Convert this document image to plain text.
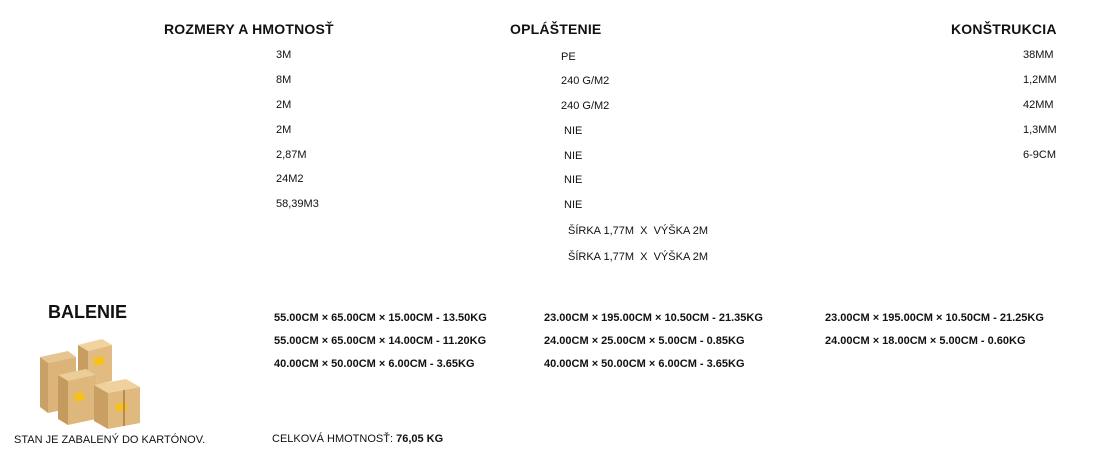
ROZMERY A HMOTNOSŤ	OPLÁŠTENIE	KONŠTRUKCIA
3M
8M
2M
2M
2,87M
24M2
58,39M3
PE
240 G/M2
240 G/M2
NIE
NIE
NIE
NIE
ŠÍRKA 1,77M  X  VÝŠKA 2M
ŠÍRKA 1,77M  X  VÝŠKA 2M
38MM
1,2MM
42MM
1,3MM
6-9CM
BALENIE
STAN JE ZABALENÝ DO KARTÓNOV.
55.00CM × 65.00CM × 15.00CM - 13.50KG
55.00CM × 65.00CM × 14.00CM - 11.20KG
40.00CM × 50.00CM × 6.00CM - 3.65KG
23.00CM × 195.00CM × 10.50CM - 21.35KG
24.00CM × 25.00CM × 5.00CM - 0.85KG
40.00CM × 50.00CM × 6.00CM - 3.65KG
23.00CM × 195.00CM × 10.50CM - 21.25KG
24.00CM × 18.00CM × 5.00CM - 0.60KG
CELKOVÁ HMOTNOSŤ: 76,05 KG
